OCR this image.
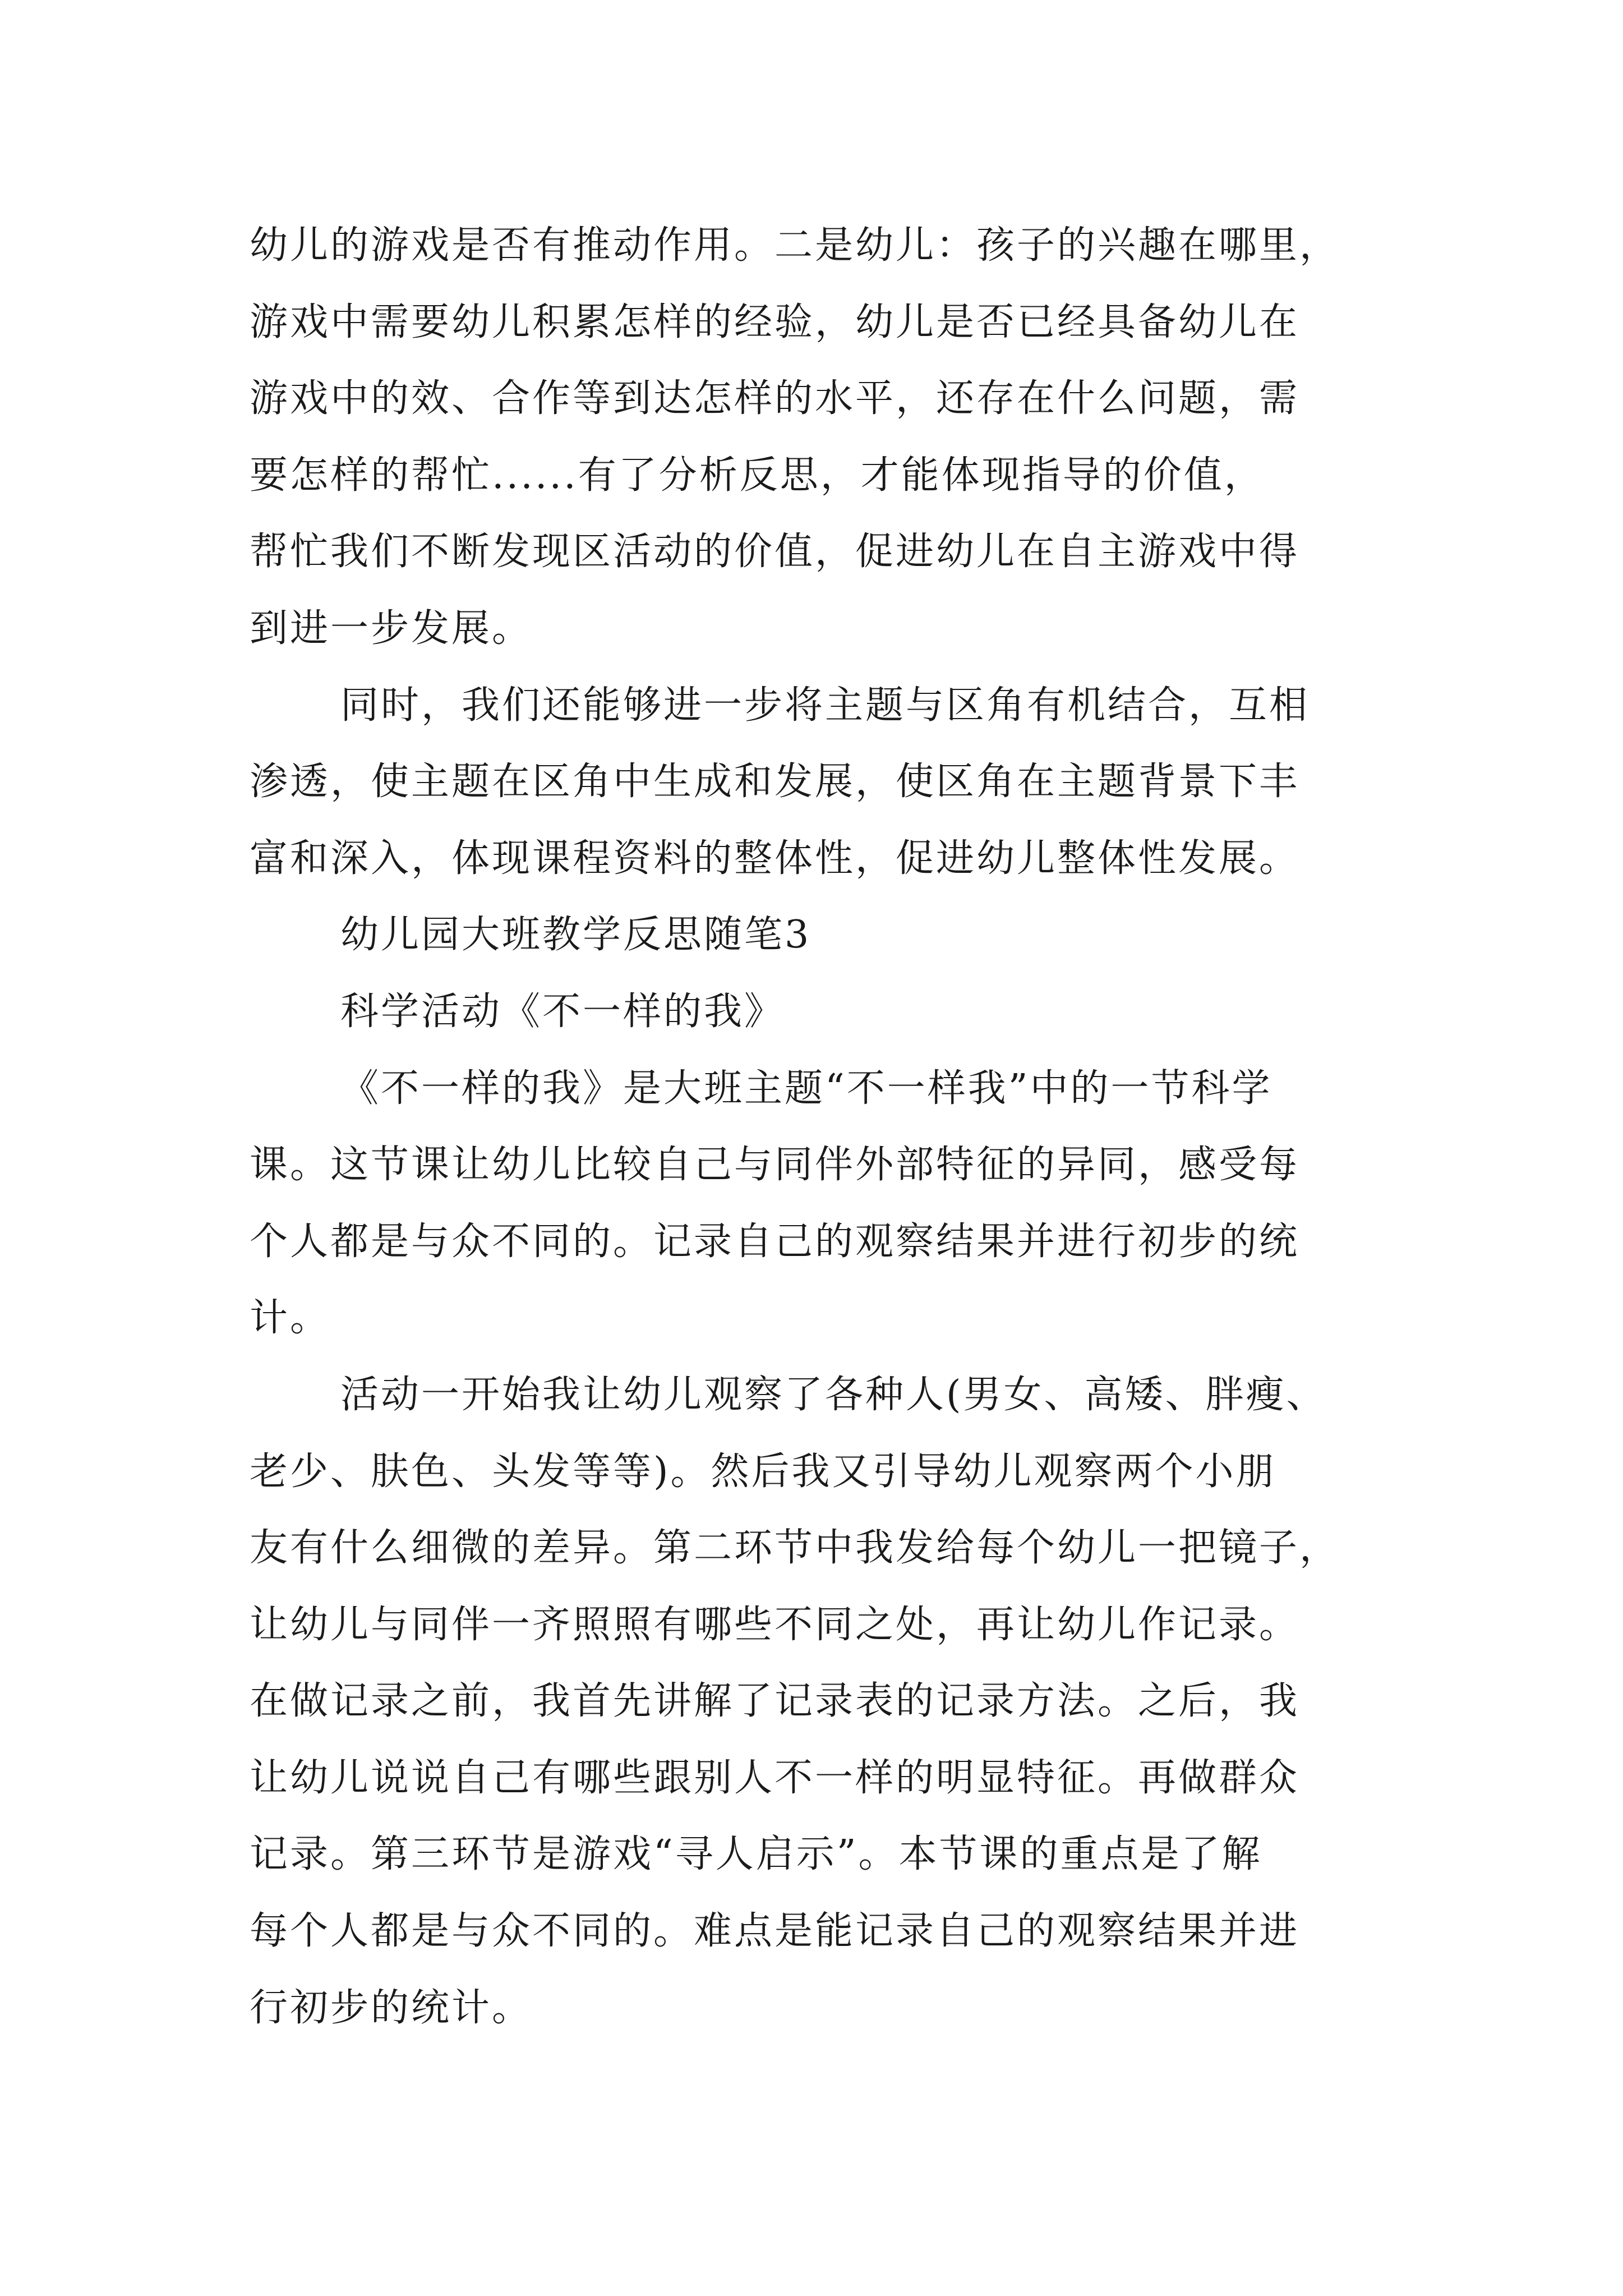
幼儿的游戏是否有推动作用。二是幼儿：孩子的兴趣在哪里，
游戏中需要幼儿积累怎样的经验，幼儿是否已经具备幼儿在
游戏中的效、合作等到达怎样的水平，还存在什么问题，需
要怎样的帮忙......有了分析反思，才能体现指导的价值，
帮忙我们不断发现区活动的价值，促进幼儿在自主游戏中得
到进一步发展。
同时，我们还能够进一步将主题与区角有机结合，互相
渗透，使主题在区角中生成和发展，使区角在主题背景下丰
富和深入，体现课程资料的整体性，促进幼儿整体性发展。
幼儿园大班教学反思随笔3
科学活动《不一样的我》
《不一样的我》是大班主题“不一样我”中的一节科学
课。这节课让幼儿比较自己与同伴外部特征的异同，感受每
个人都是与众不同的。记录自己的观察结果并进行初步的统
计。
活动一开始我让幼儿观察了各种人(男女、高矮、胖瘦、
老少、肤色、头发等等)。然后我又引导幼儿观察两个小朋
友有什么细微的差异。第二环节中我发给每个幼儿一把镜子，
让幼儿与同伴一齐照照有哪些不同之处，再让幼儿作记录。
在做记录之前，我首先讲解了记录表的记录方法。之后，我
让幼儿说说自己有哪些跟别人不一样的明显特征。再做群众
记录。第三环节是游戏“寻人启示”。本节课的重点是了解
每个人都是与众不同的。难点是能记录自己的观察结果并进
行初步的统计。
